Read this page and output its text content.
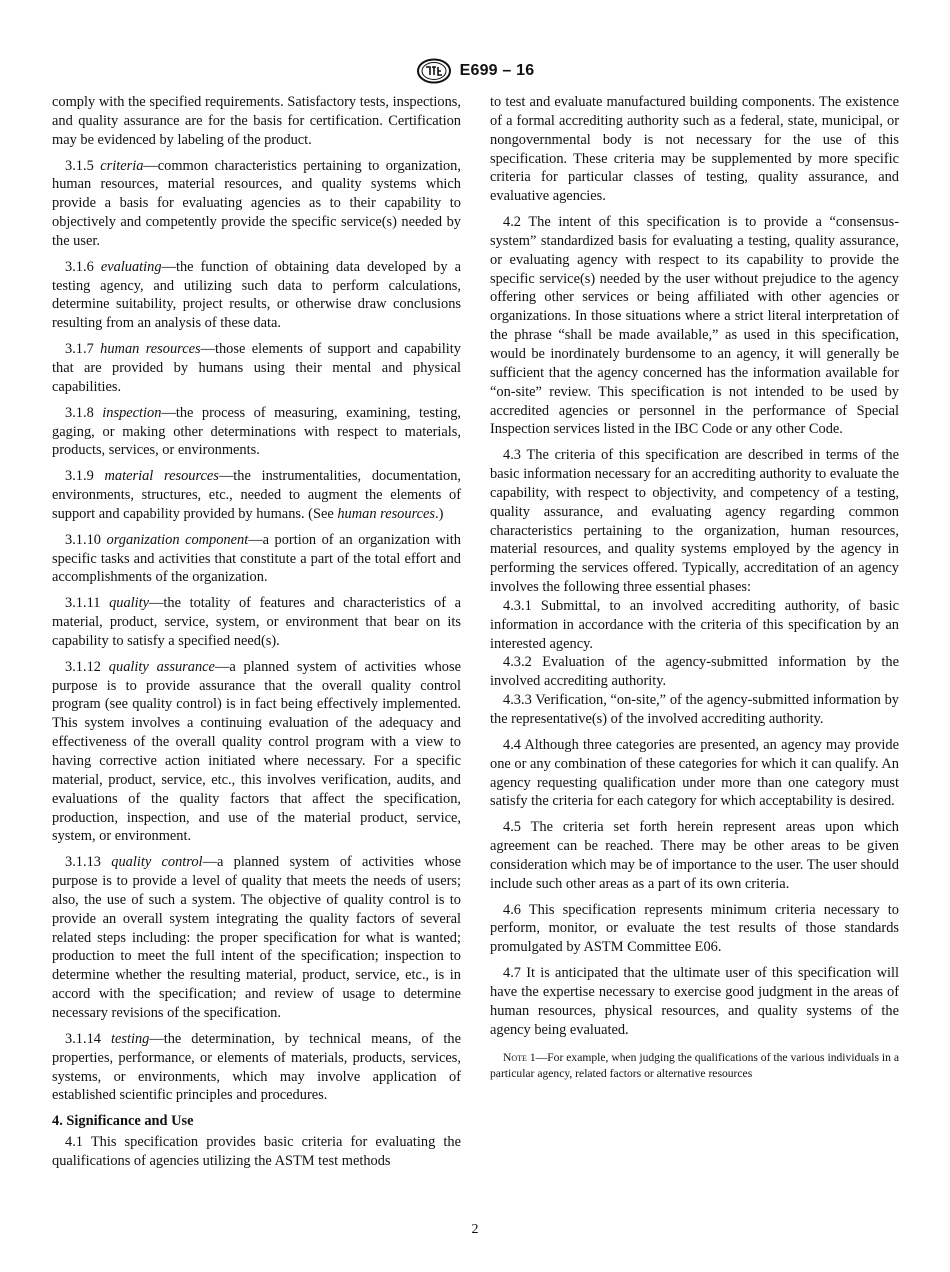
E699 – 16

comply with the specified requirements. Satisfactory tests, inspections, and quality assurance are for the basis for certification. Certification may be evidenced by labeling of the product.

3.1.5 criteria—common characteristics pertaining to organization, human resources, material resources, and quality systems which provide a basis for evaluating agencies as to their capability to objectively and competently provide the specific service(s) needed by the user.

3.1.6 evaluating—the function of obtaining data developed by a testing agency, and utilizing such data to perform calculations, determine suitability, project results, or otherwise draw conclusions resulting from an analysis of these data.

3.1.7 human resources—those elements of support and capability that are provided by humans using their mental and physical capabilities.

3.1.8 inspection—the process of measuring, examining, testing, gaging, or making other determinations with respect to materials, products, services, or environments.

3.1.9 material resources—the instrumentalities, documentation, environments, structures, etc., needed to augment the elements of support and capability provided by humans. (See human resources.)

3.1.10 organization component—a portion of an organization with specific tasks and activities that constitute a part of the total effort and accomplishments of the organization.

3.1.11 quality—the totality of features and characteristics of a material, product, service, system, or environment that bear on its capability to satisfy a specified need(s).

3.1.12 quality assurance—a planned system of activities whose purpose is to provide assurance that the overall quality control program (see quality control) is in fact being effectively implemented. This system involves a continuing evaluation of the adequacy and effectiveness of the overall quality control program with a view to having corrective action initiated where necessary. For a specific material, product, service, etc., this involves verification, audits, and evaluations of the quality factors that affect the specification, production, inspection, and use of the material product, service, system, or environment.

3.1.13 quality control—a planned system of activities whose purpose is to provide a level of quality that meets the needs of users; also, the use of such a system. The objective of quality control is to provide an overall system integrating the quality factors of several related steps including: the proper specification for what is wanted; production to meet the full intent of the specification; inspection to determine whether the resulting material, product, service, etc., is in accord with the specification; and review of usage to determine necessary revisions of the specification.

3.1.14 testing—the determination, by technical means, of the properties, performance, or elements of materials, products, services, systems, or environments, which may involve application of established scientific principles and procedures.

4. Significance and Use

4.1 This specification provides basic criteria for evaluating the qualifications of agencies utilizing the ASTM test methods

to test and evaluate manufactured building components. The existence of a formal accrediting authority such as a federal, state, municipal, or nongovernmental body is not necessary for the use of this specification. These criteria may be supplemented by more specific criteria for particular classes of testing, quality assurance, and evaluative agencies.

4.2 The intent of this specification is to provide a “consensus-system” standardized basis for evaluating a testing, quality assurance, or evaluating agency with respect to its capability to provide the specific service(s) needed by the user without prejudice to the agency offering other services or being affiliated with other agencies or organizations. In those situations where a strict literal interpretation of the phrase “shall be made available,” as used in this specification, would be inordinately burdensome to an agency, it will generally be sufficient that the agency concerned has the information available for “on-site” review. This specification is not intended to be used by accredited agencies or personnel in the performance of Special Inspection services listed in the IBC Code or any other Code.

4.3 The criteria of this specification are described in terms of the basic information necessary for an accrediting authority to evaluate the capability, with respect to objectivity, and competency of a testing, quality assurance, and evaluating agency regarding common characteristics pertaining to the organization, human resources, material resources, and quality systems employed by the agency in performing the services offered. Typically, accreditation of an agency involves the following three essential phases:

4.3.1 Submittal, to an involved accrediting authority, of basic information in accordance with the criteria of this specification by an interested agency.

4.3.2 Evaluation of the agency-submitted information by the involved accrediting authority.

4.3.3 Verification, “on-site,” of the agency-submitted information by the representative(s) of the involved accrediting authority.

4.4 Although three categories are presented, an agency may provide one or any combination of these categories for which it can qualify. An agency requesting qualification under more than one category must satisfy the criteria for each category for which acceptability is desired.

4.5 The criteria set forth herein represent areas upon which agreement can be reached. There may be other areas to be given consideration which may be of importance to the user. The user should include such other areas as a part of its own criteria.

4.6 This specification represents minimum criteria necessary to perform, monitor, or evaluate the test results of those standards promulgated by ASTM Committee E06.

4.7 It is anticipated that the ultimate user of this specification will have the expertise necessary to exercise good judgment in the areas of human resources, physical resources, and quality systems of the agency being evaluated.

Note 1—For example, when judging the qualifications of the various individuals in a particular agency, related factors or alternative resources

2
